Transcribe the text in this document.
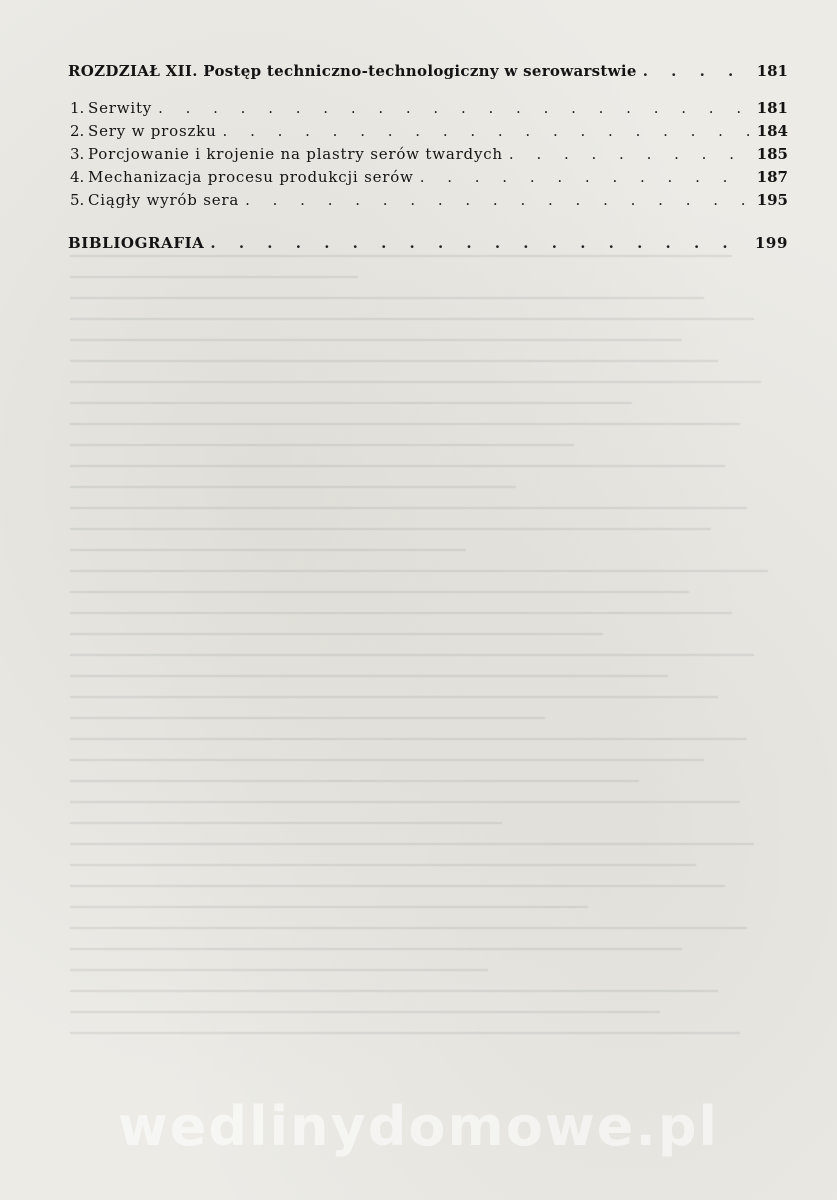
ROZDZIAŁ XII. Postęp techniczno-technologiczny w serowarstwie . . .	181
1. Serwity . . .	181
2. Sery w proszku . . .	184
3. Porcjowanie i krojenie na plastry serów twardych . . .	185
4. Mechanizacja procesu produkcji serów . . .	187
5. Ciągły wyrób sera . . .	195
BIBLIOGRAFIA . . .	199
wedlinydomowe.pl
